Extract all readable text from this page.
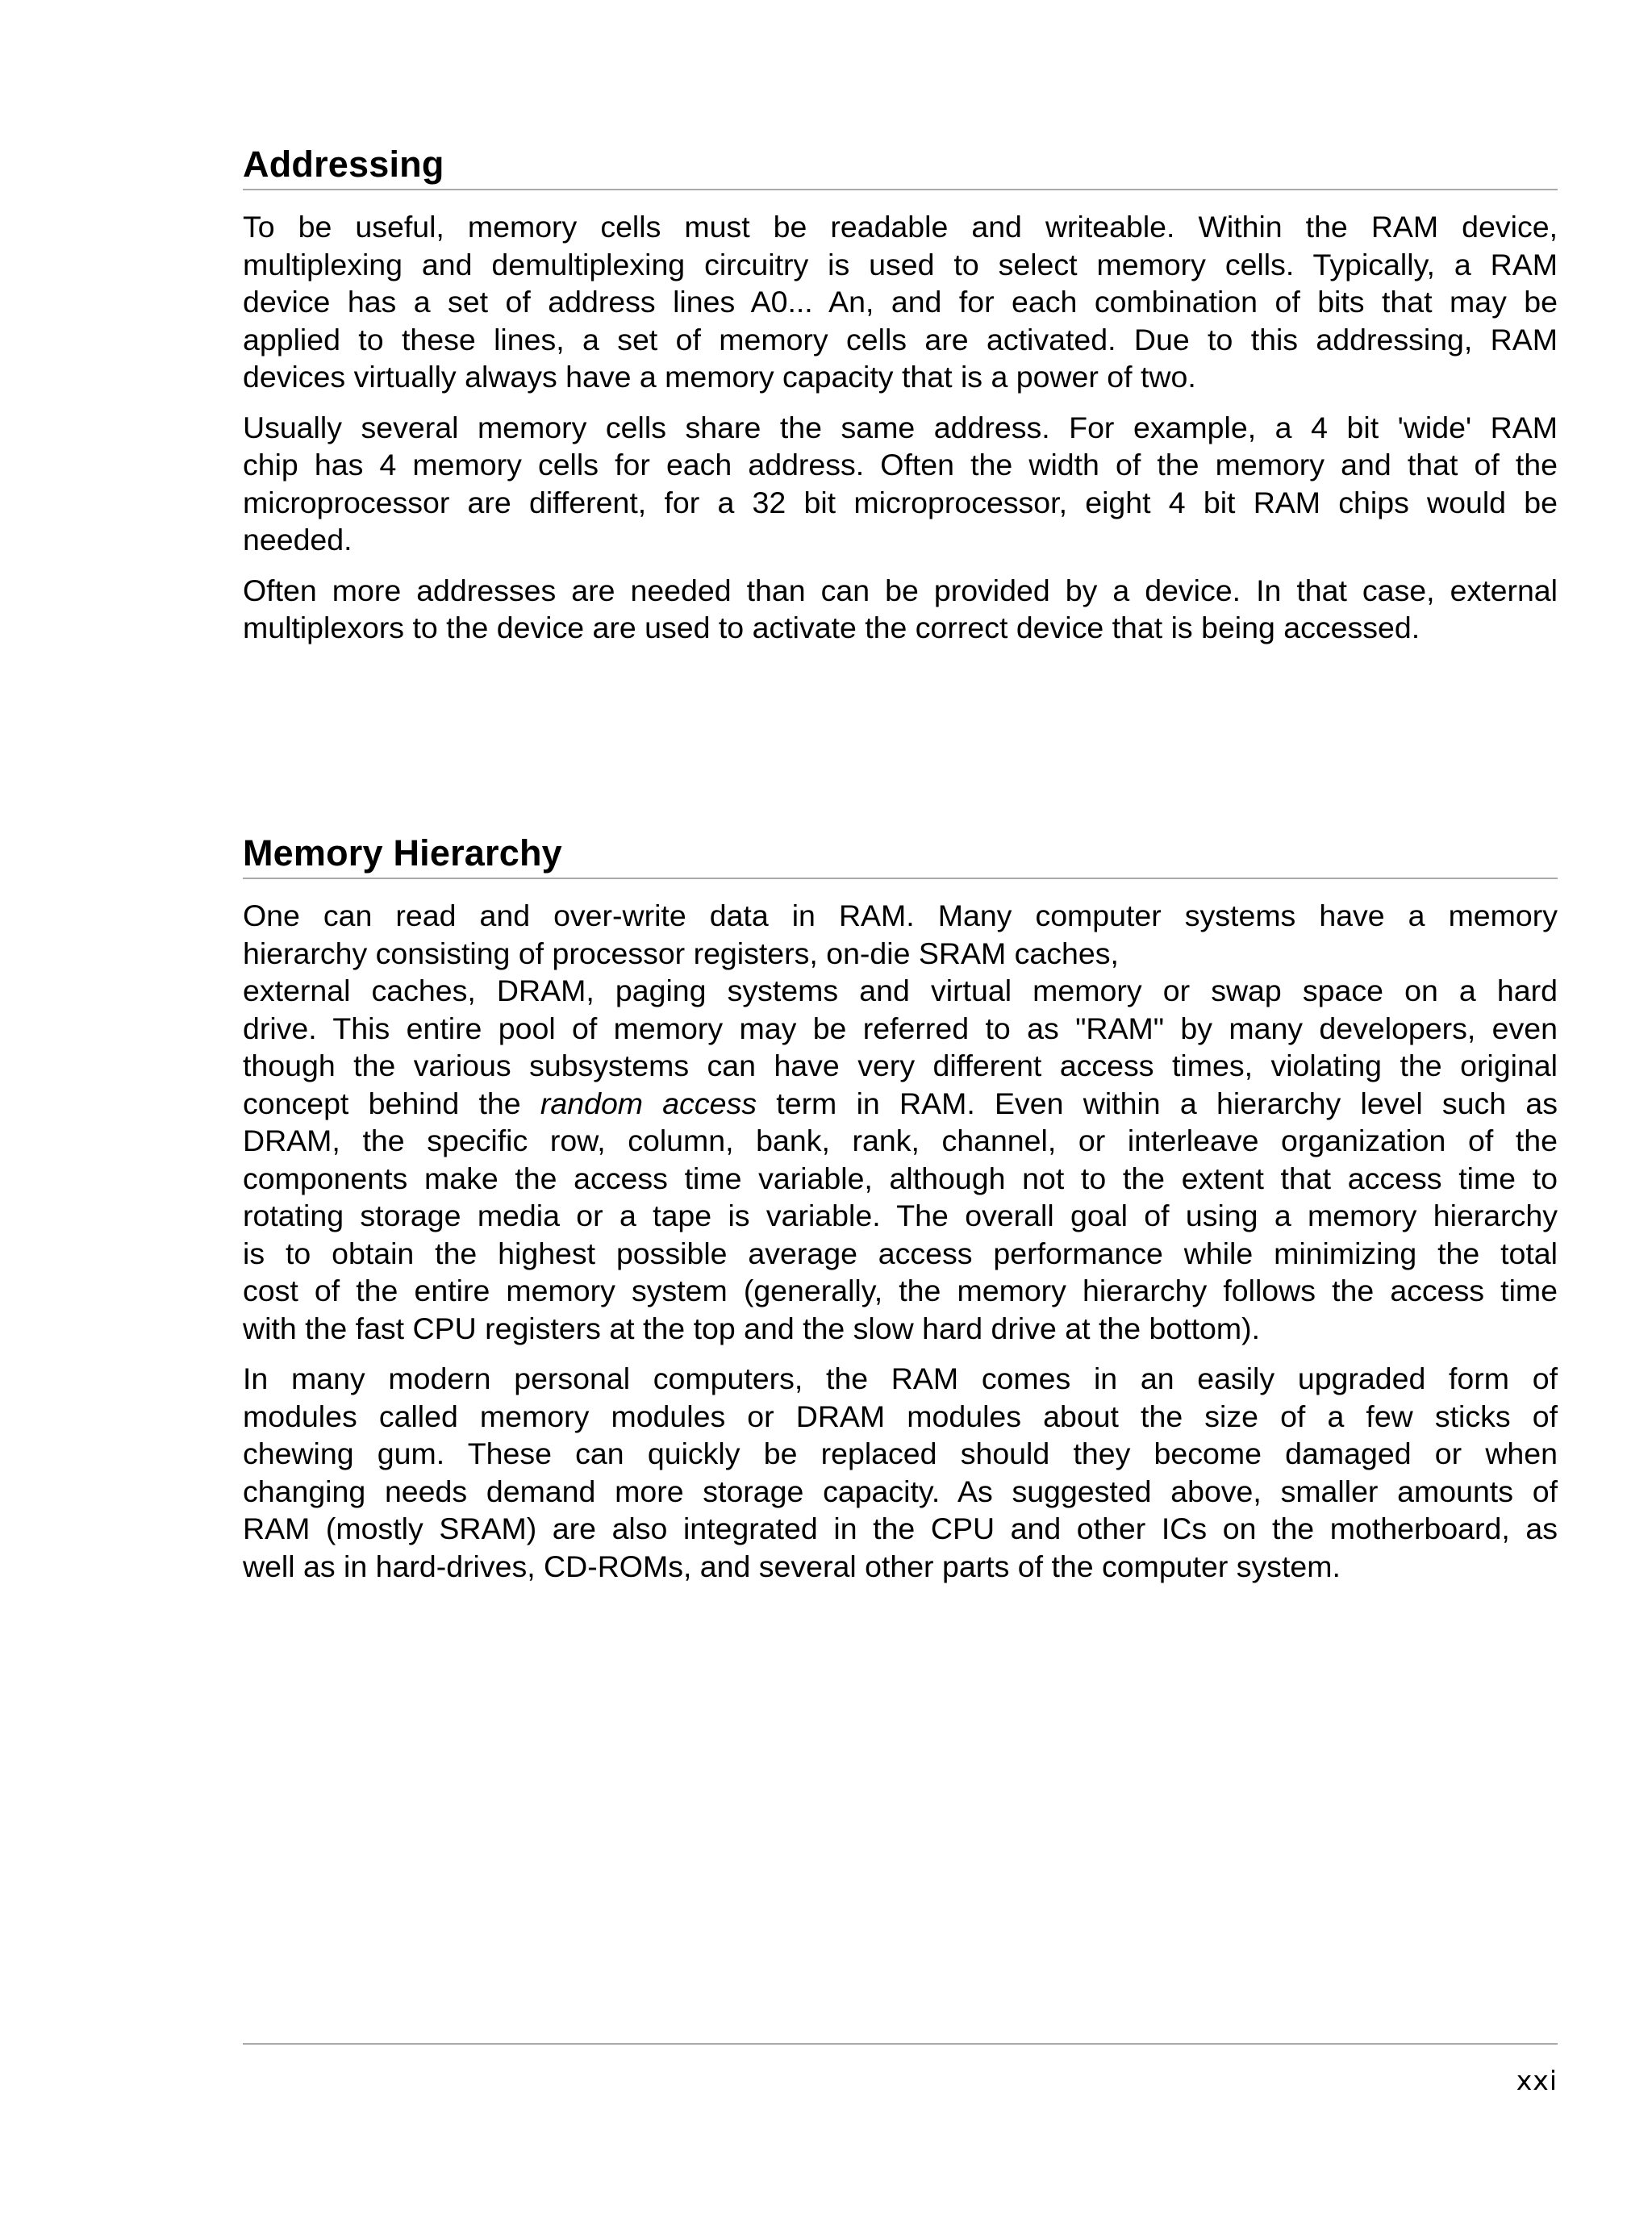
Addressing

To be useful, memory cells must be readable and writeable. Within the RAM device,
multiplexing and demultiplexing circuitry is used to select memory cells. Typically, a RAM
device has a set of address lines A0... An, and for each combination of bits that may be
applied to these lines, a set of memory cells are activated. Due to this addressing, RAM
devices virtually always have a memory capacity that is a power of two.

Usually several memory cells share the same address. For example, a 4 bit 'wide' RAM
chip has 4 memory cells for each address. Often the width of the memory and that of the
microprocessor are different, for a 32 bit microprocessor, eight 4 bit RAM chips would be
needed.

Often more addresses are needed than can be provided by a device. In that case, external
multiplexors to the device are used to activate the correct device that is being accessed.

Memory Hierarchy

One can read and over-write data in RAM. Many computer systems have a memory
hierarchy consisting of processor registers, on-die SRAM caches,
external caches, DRAM, paging systems and virtual memory or swap space on a hard
drive. This entire pool of memory may be referred to as "RAM" by many developers, even
though the various subsystems can have very different access times, violating the original
concept behind the random access term in RAM. Even within a hierarchy level such as
DRAM, the specific row, column, bank, rank, channel, or interleave organization of the
components make the access time variable, although not to the extent that access time to
rotating storage media or a tape is variable. The overall goal of using a memory hierarchy
is to obtain the highest possible average access performance while minimizing the total
cost of the entire memory system (generally, the memory hierarchy follows the access time
with the fast CPU registers at the top and the slow hard drive at the bottom).

In many modern personal computers, the RAM comes in an easily upgraded form of
modules called memory modules or DRAM modules about the size of a few sticks of
chewing gum. These can quickly be replaced should they become damaged or when
changing needs demand more storage capacity. As suggested above, smaller amounts of
RAM (mostly SRAM) are also integrated in the CPU and other ICs on the motherboard, as
well as in hard-drives, CD-ROMs, and several other parts of the computer system.

xxi
